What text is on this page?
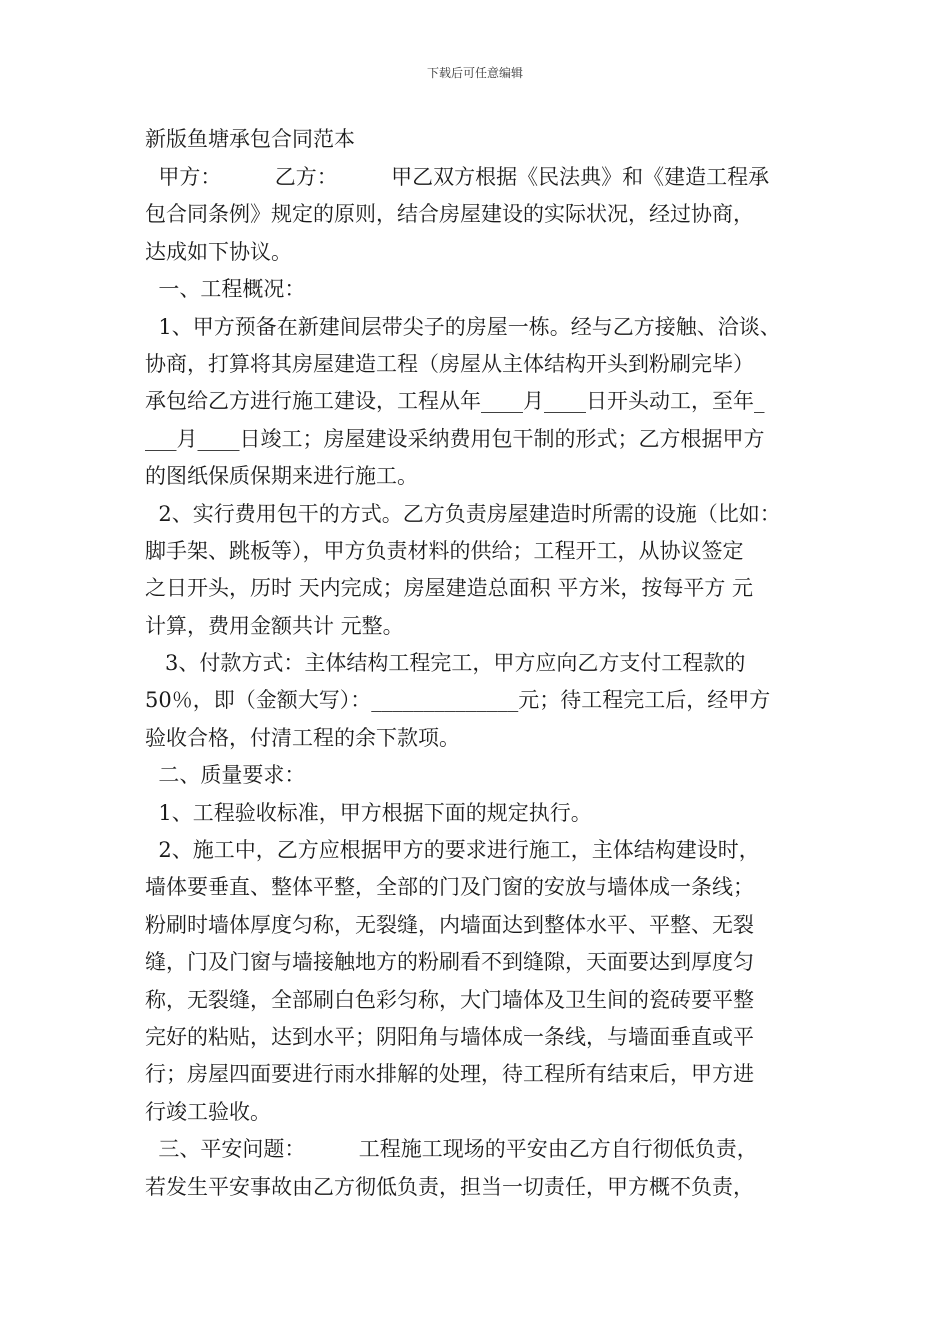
下载后可任意编辑
新版鱼塘承包合同范本
甲方：        乙方：        甲乙双方根据《民法典》和《建造工程承
包合同条例》规定的原则，结合房屋建设的实际状况，经过协商，
达成如下协议。
一、工程概况：
1、甲方预备在新建间层带尖子的房屋一栋。经与乙方接触、洽谈、
协商，打算将其房屋建造工程（房屋从主体结构开头到粉刷完毕）
承包给乙方进行施工建设，工程从年____月____日开头动工，至年_
___月____日竣工；房屋建设采纳费用包干制的形式；乙方根据甲方
的图纸保质保期来进行施工。
2、实行费用包干的方式。乙方负责房屋建造时所需的设施（比如：
脚手架、跳板等），甲方负责材料的供给；工程开工，从协议签定
之日开头，历时 天内完成；房屋建造总面积 平方米，按每平方 元
计算，费用金额共计 元整。
3、付款方式：主体结构工程完工，甲方应向乙方支付工程款的
50％，即（金额大写）：______________元；待工程完工后，经甲方
验收合格，付清工程的余下款项。
二、质量要求：
1、工程验收标准，甲方根据下面的规定执行。
2、施工中，乙方应根据甲方的要求进行施工，主体结构建设时，
墙体要垂直、整体平整，全部的门及门窗的安放与墙体成一条线；
粉刷时墙体厚度匀称，无裂缝，内墙面达到整体水平、平整、无裂
缝，门及门窗与墙接触地方的粉刷看不到缝隙，天面要达到厚度匀
称，无裂缝，全部刷白色彩匀称，大门墙体及卫生间的瓷砖要平整
完好的粘贴，达到水平；阴阳角与墙体成一条线，与墙面垂直或平
行；房屋四面要进行雨水排解的处理，待工程所有结束后，甲方进
行竣工验收。
三、平安问题：        工程施工现场的平安由乙方自行彻低负责，
若发生平安事故由乙方彻低负责，担当一切责任，甲方概不负责，
